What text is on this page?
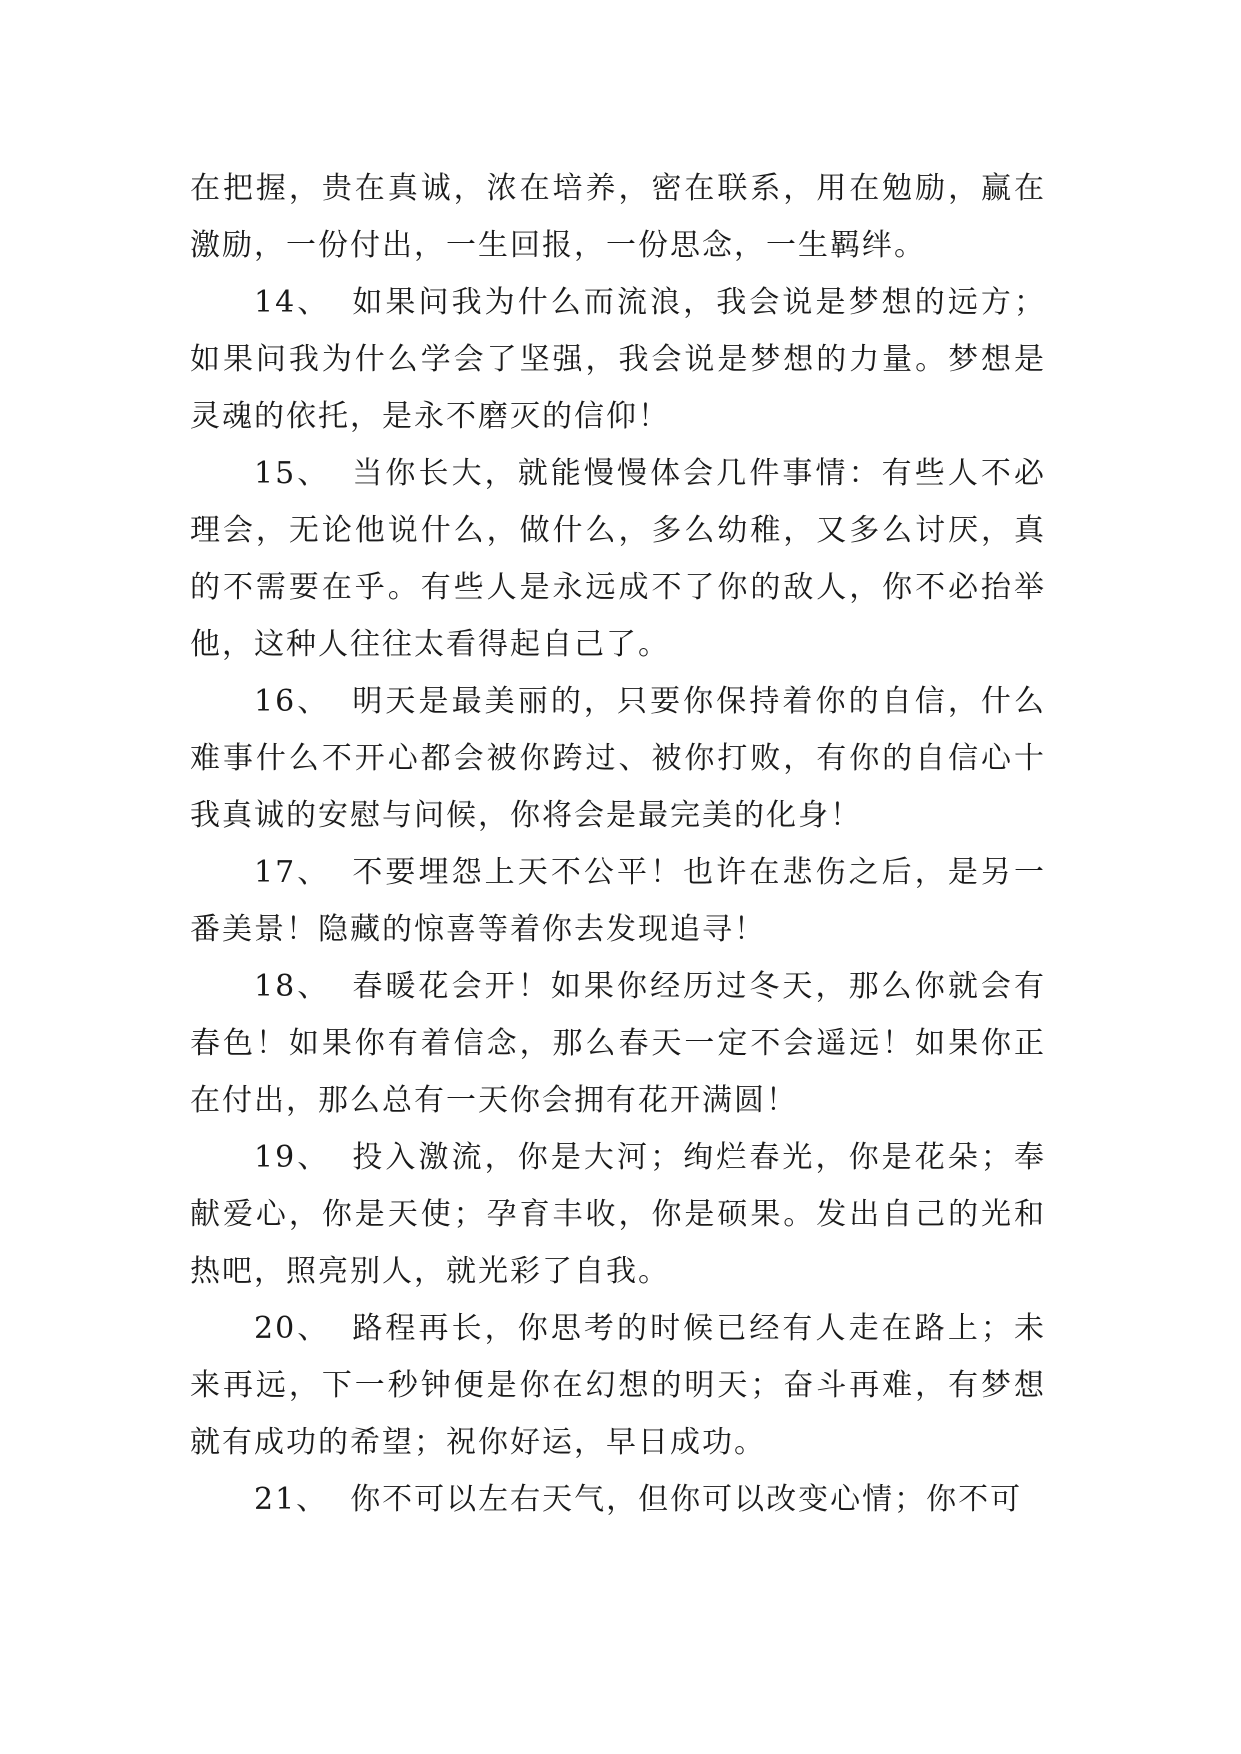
在把握，贵在真诚，浓在培养，密在联系，用在勉励，赢在激励，一份付出，一生回报，一份思念，一生羁绊。

14、 如果问我为什么而流浪，我会说是梦想的远方；如果问我为什么学会了坚强，我会说是梦想的力量。梦想是灵魂的依托，是永不磨灭的信仰！

15、 当你长大，就能慢慢体会几件事情：有些人不必理会，无论他说什么，做什么，多么幼稚，又多么讨厌，真的不需要在乎。有些人是永远成不了你的敌人，你不必抬举他，这种人往往太看得起自己了。

16、 明天是最美丽的，只要你保持着你的自信，什么难事什么不开心都会被你跨过、被你打败，有你的自信心十我真诚的安慰与问候，你将会是最完美的化身！

17、 不要埋怨上天不公平！也许在悲伤之后，是另一番美景！隐藏的惊喜等着你去发现追寻！

18、 春暖花会开！如果你经历过冬天，那么你就会有春色！如果你有着信念，那么春天一定不会遥远！如果你正在付出，那么总有一天你会拥有花开满圆！

19、 投入激流，你是大河；绚烂春光，你是花朵；奉献爱心，你是天使；孕育丰收，你是硕果。发出自己的光和热吧，照亮别人，就光彩了自我。

20、 路程再长，你思考的时候已经有人走在路上；未来再远，下一秒钟便是你在幻想的明天；奋斗再难，有梦想就有成功的希望；祝你好运，早日成功。

21、 你不可以左右天气，但你可以改变心情；你不可
